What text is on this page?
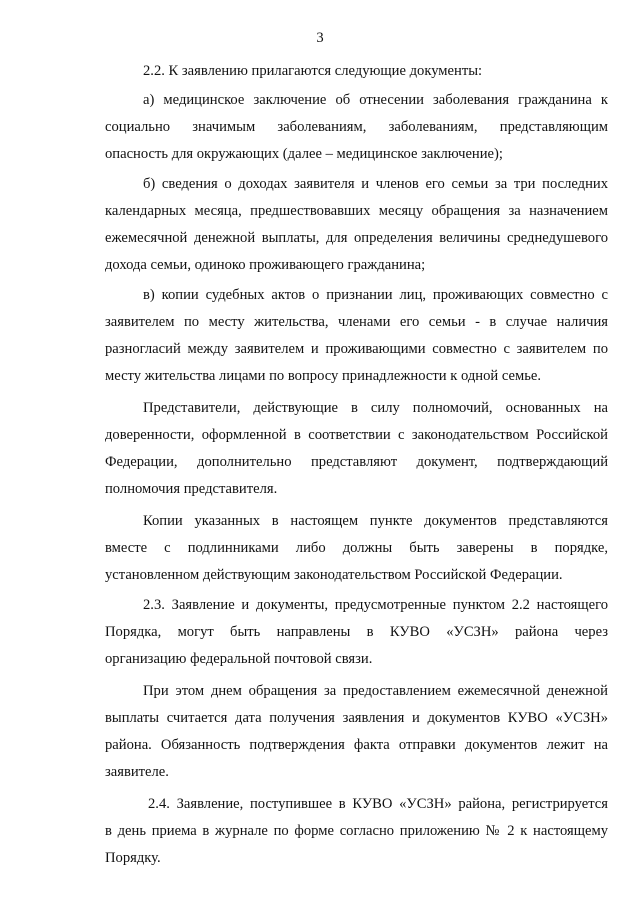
3
2.2. К заявлению прилагаются следующие документы:
а) медицинское заключение об отнесении заболевания гражданина к
социально значимым заболеваниям, заболеваниям, представляющим
опасность для окружающих (далее – медицинское заключение);
б) сведения о доходах заявителя и членов его семьи за три последних
календарных месяца, предшествовавших месяцу обращения за назначением
ежемесячной денежной выплаты, для определения величины среднедушевого
дохода семьи, одиноко проживающего гражданина;
в) копии судебных актов о признании лиц, проживающих совместно с
заявителем по месту жительства, членами его семьи - в случае наличия
разногласий между заявителем и проживающими совместно с заявителем по
месту жительства лицами по вопросу принадлежности к одной семье.
Представители, действующие в силу полномочий, основанных на
доверенности, оформленной в соответствии с законодательством Российской
Федерации, дополнительно представляют документ, подтверждающий
полномочия представителя.
Копии указанных в настоящем пункте документов представляются
вместе с подлинниками либо должны быть заверены в порядке,
установленном действующим законодательством Российской Федерации.
2.3. Заявление и документы, предусмотренные пунктом 2.2 настоящего
Порядка, могут быть направлены в КУВО «УСЗН» района через
организацию федеральной почтовой связи.
При этом днем обращения за предоставлением ежемесячной денежной
выплаты считается дата получения заявления и документов КУВО «УСЗН»
района. Обязанность подтверждения факта отправки документов лежит на
заявителе.
2.4. Заявление, поступившее в КУВО «УСЗН» района, регистрируется
в день приема в журнале по форме согласно приложению № 2 к настоящему
Порядку.
